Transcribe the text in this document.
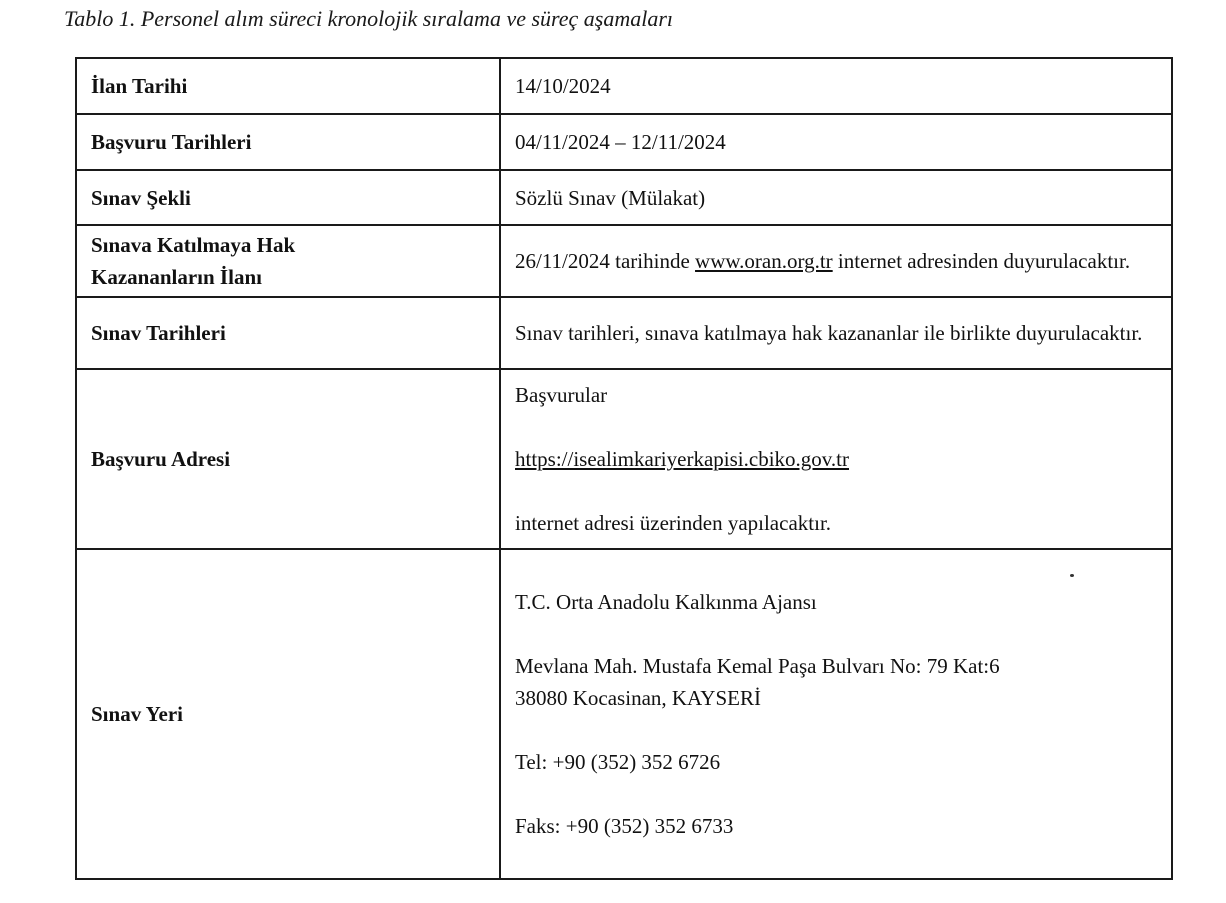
Tablo 1. Personel alım süreci kronolojik sıralama ve süreç aşamaları
İlan Tarihi	14/10/2024
Başvuru Tarihleri	04/11/2024 – 12/11/2024
Sınav Şekli	Sözlü Sınav (Mülakat)

Sınava Katılmaya Hak
Kazananların İlanı	26/11/2024 tarihinde www.oran.org.tr internet adresinden duyurulacaktır.
Sınav Tarihleri	Sınav tarihleri, sınava katılmaya hak kazananlar ile birlikte duyurulacaktır.
Başvuru Adresi	Başvurular
https://isealimkariyerkapisi.cbiko.gov.tr
internet adresi üzerinden yapılacaktır.

Sınav Yeri	T.C. Orta Anadolu Kalkınma Ajansı
Mevlana Mah. Mustafa Kemal Paşa Bulvarı No: 79 Kat:6
38080 Kocasinan, KAYSERİ
Tel: +90 (352) 352 6726
Faks: +90 (352) 352 6733
